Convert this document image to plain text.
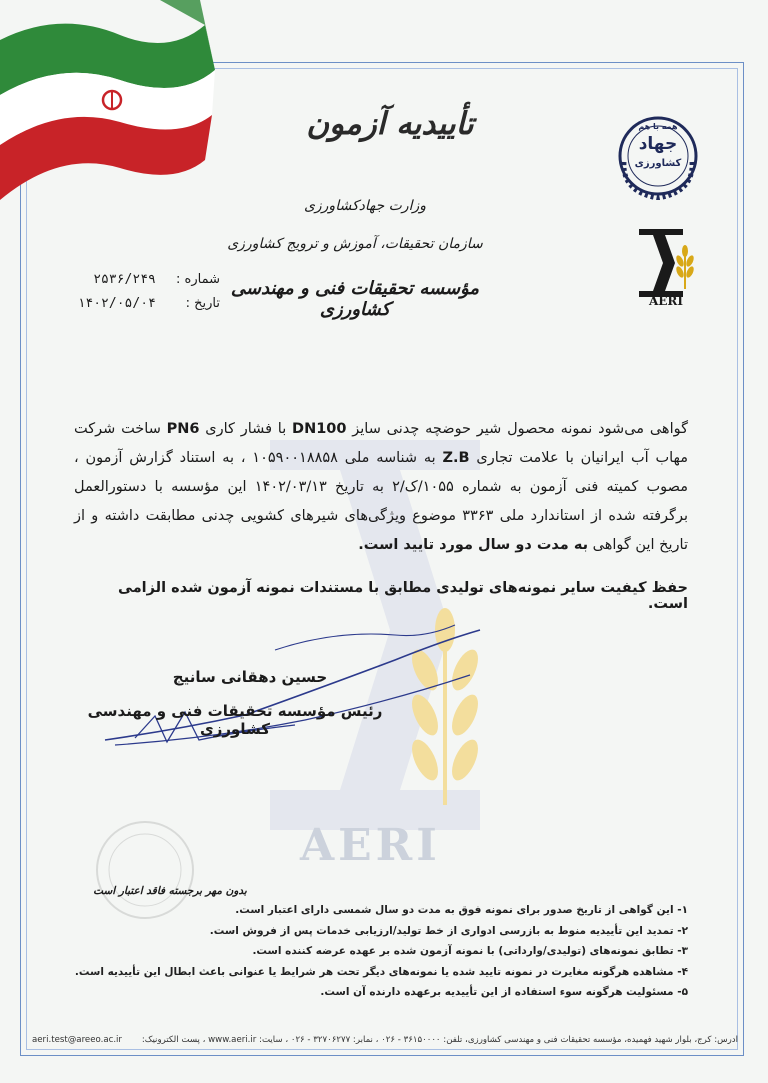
AERI
همه با هم
جهاد
کشاورزی
AERI
تأییدیه آزمون
وزارت جهادکشاورزی
سازمان تحقیقات، آموزش و ترویج کشاورزی
مؤسسه تحقیقات فنی و مهندسی کشاورزی
شماره : ۲۵۳۶/۲۴۹
تاریخ : ۱۴۰۲/۰۵/۰۴

گواهی می‌شود نمونه محصول شیر حوضچه چدنی سایز DN100 با فشار کاری PN6 ساخت شرکت مهاب آب ایرانیان با علامت تجاری Z.B به شناسه ملی ۱۰۵۹۰۰۱۸۸۵۸ ، به استناد گزارش آزمون ، مصوب کمیته فنی آزمون به شماره ۱۰۵۵/ک/۲ به تاریخ ۱۴۰۲/۰۳/۱۳ این مؤسسه با دستورالعمل برگرفته شده از استاندارد ملی ۳۳۶۳ موضوع ویژگی‌های شیرهای کشویی چدنی مطابقت داشته و از تاریخ این گواهی به مدت دو سال مورد تایید است.

حفظ کیفیت سایر نمونه‌های تولیدی مطابق با مستندات نمونه آزمون شده الزامی است.
حسین دهقانی سانیج
رئیس مؤسسه تحقیقات فنی و مهندسی کشاورزی
بدون مهر برجسته فاقد اعتبار است
۱- این گواهی از تاریخ صدور برای نمونه فوق به مدت دو سال شمسی دارای اعتبار است.
۲- تمدید این تأییدیه منوط به بازرسی ادواری از خط تولید/ارزیابی خدمات پس از فروش است.
۳- تطابق نمونه‌های (تولیدی/وارداتی) با نمونه آزمون شده بر عهده عرضه کننده است.
۴- مشاهده هرگونه مغایرت در نمونه تایید شده یا نمونه‌های دیگر تحت هر شرایط یا عنوانی باعث ابطال این تأییدیه است.
۵- مسئولیت هرگونه سوء استفاده از این تأییدیه برعهده دارنده آن است.
آدرس: کرج، بلوار شهید فهمیده، مؤسسه تحقیقات فنی و مهندسی کشاورزی، تلفن: ۳۶۱۵۰۰۰۰ - ۰۲۶ ، نمابر: ۳۲۷۰۶۲۷۷ - ۰۲۶ ، سایت: www.aeri.ir ، پست الکترونیک:
aeri.test@areeo.ac.ir
